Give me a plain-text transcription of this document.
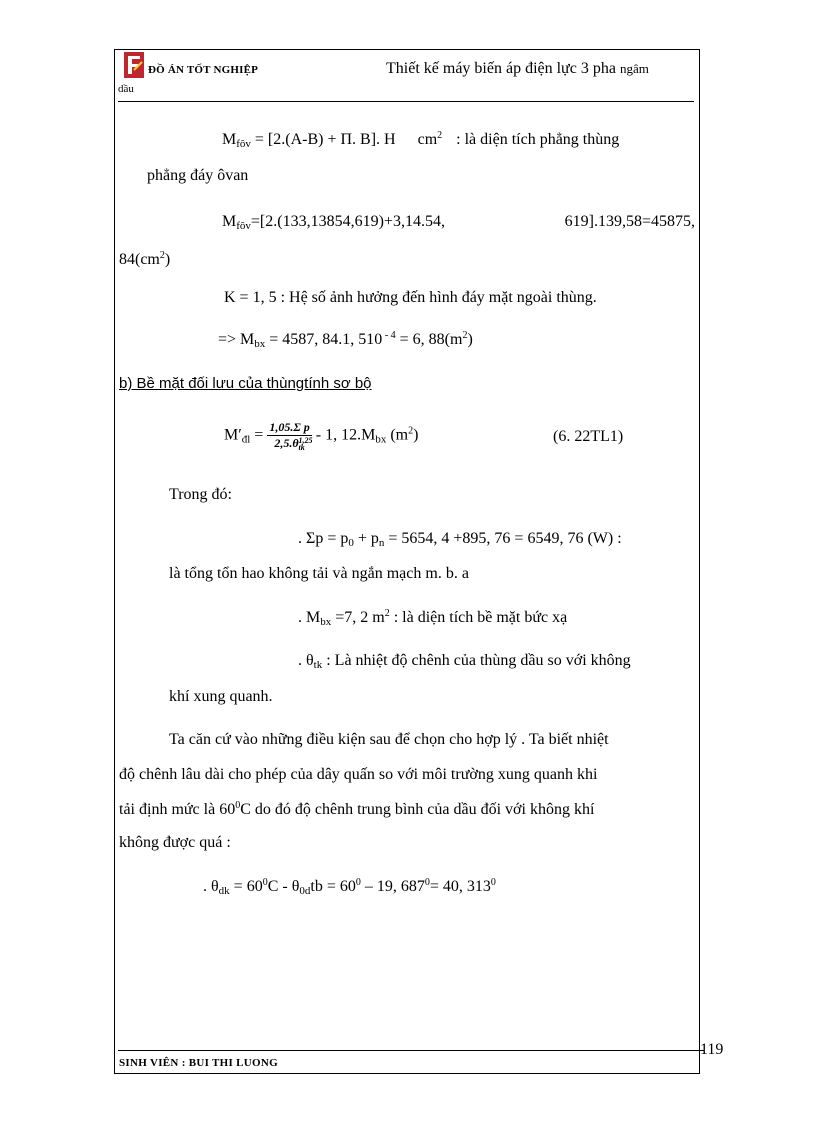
ĐỒ ÁN TỐT NGHIỆP	Thiết kế máy biến áp điện lực 3 pha ngâm
dầu
$M_{fôv} = [2.(A-B) + \Pi$. B]. H $cm^2$ : là diện tích phẳng thùng
phẳng đáy ôvan
$M_{fôv}=[2.(133,13854,619)+3,14.54$,	619].139,58=45875,
$84(cm^2)$
K = 1, 5 : Hệ số ảnh hưởng đến hình đáy mặt ngoài thùng.
=> $M_{bx} = 4587$, 84.1, 510 $^{- 4}$ = 6, $88(m^2)$
b) Bề mặt đối lưu của thùngtính sơ bộ
$M'_{đl} = \frac{\text{1,05.Σ p}}{2,5.\theta^{1,25}_{tk}} - 1$, $12.M_{bx}$ $(m^2)$	(6. 22TL1)
Trong đó:
. $\Sigma p = p_0 + p_n = 5654$, 4 +895, 76 = 6549, 76 (W) :
là tổng tổn hao không tải và ngắn mạch m. b. a
. $M_{bx} =7$, 2 $m^2$ : là diện tích bề mặt bức xạ
. $\theta_{tk}$ : Là nhiệt độ chênh của thùng dầu so với không
khí xung quanh.
Ta căn cứ vào những điều kiện sau để chọn cho hợp lý . Ta biết nhiệt
độ chênh lâu dài cho phép của dây quấn so với môi trường xung quanh khi
tải định mức là $60^0C$ do đó độ chênh trung bình của dầu đối với không khí
không được quá :
. $\theta_{dk} = 60^0C - \theta_{0d}tb = 60^0 - 19$, $687^0= 40$, $313^0$
119
SINH VIÊN : BUI THI LUONG
